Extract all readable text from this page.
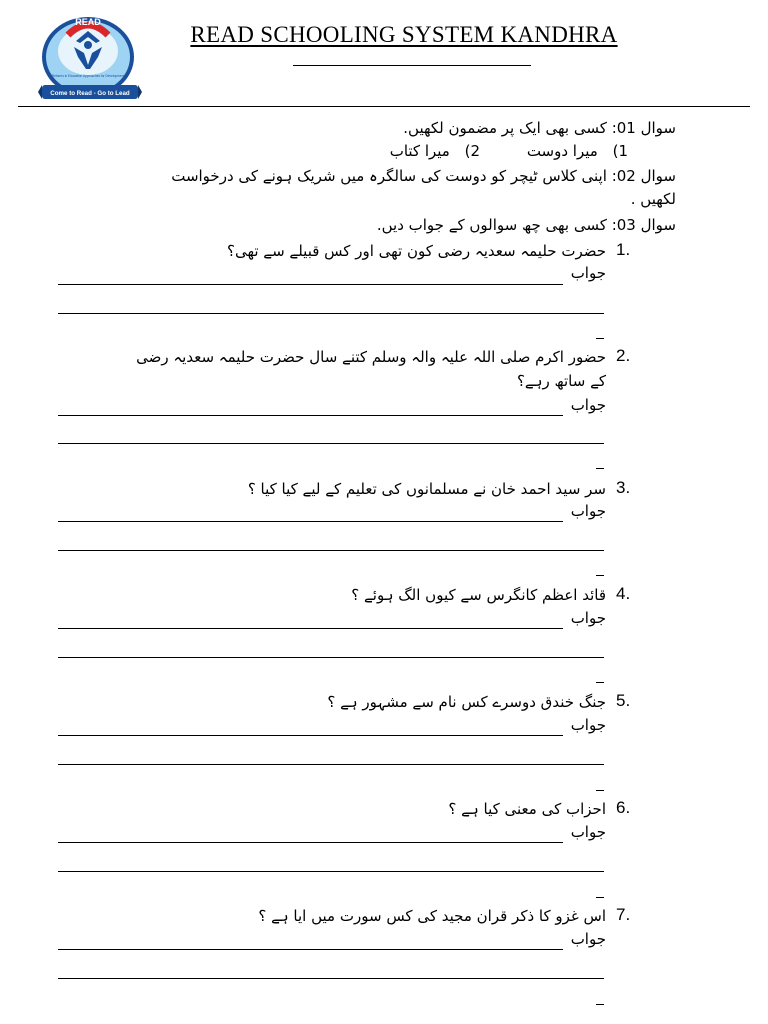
READ
Reforms in Education Approaches for Development
Come to Read - Go to Lead
READ SCHOOLING SYSTEM KANDHRA
سوال 01: کسی بھی ایک پر مضمون لکھیں.
1) میرا دوست 2) میرا کتاب
سوال 02: اپنی کلاس ٹیچر کو دوست کی سالگرہ میں شریک ہونے کی درخواست
لکھیں .
سوال 03: کسی بھی چھ سوالوں کے جواب دیں.
1.
حضرت حلیمہ سعدیہ رضی کون تھی اور کس قبیلے سے تھی؟
جواب
2.
حضور اکرم صلی اللہ علیہ والہ وسلم کتنے سال حضرت حلیمہ سعدیہ رضی
کے ساتھ رہے؟
جواب
3.
سر سید احمد خان نے مسلمانوں کی تعلیم کے لیے کیا کیا ؟
جواب
4.
قائد اعظم کانگرس سے کیوں الگ ہوئے ؟
جواب
5.
جنگ خندق دوسرے کس نام سے مشہور ہے ؟
جواب
6.
احزاب کی معنی کیا ہے ؟
جواب
7.
اس غزو کا ذکر قران مجید کی کس سورت میں ایا ہے ؟
جواب
